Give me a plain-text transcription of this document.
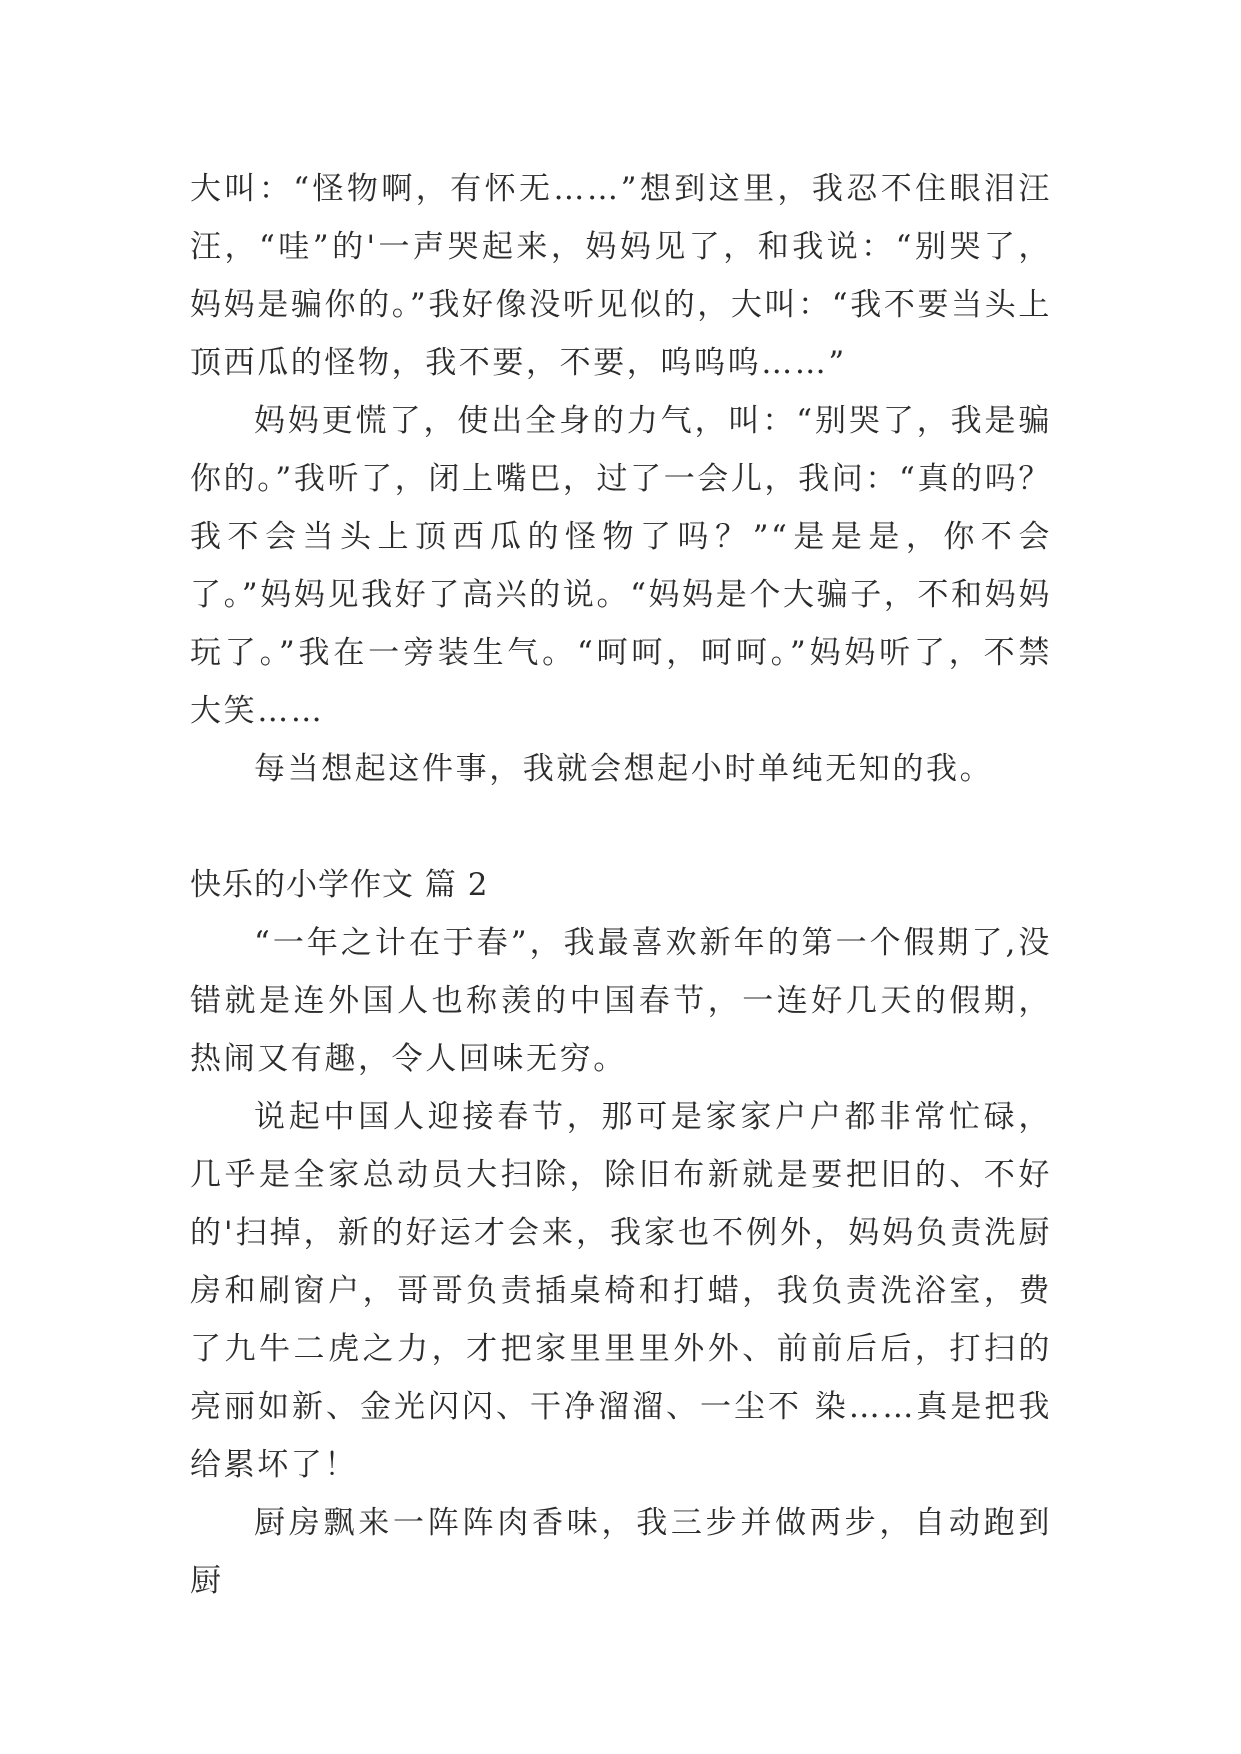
大叫：“怪物啊，有怀无……”想到这里，我忍不住眼泪汪汪，“哇”的'一声哭起来，妈妈见了，和我说：“别哭了，妈妈是骗你的。”我好像没听见似的，大叫：“我不要当头上顶西瓜的怪物，我不要，不要，呜呜呜……”

妈妈更慌了，使出全身的力气，叫：“别哭了，我是骗你的。”我听了，闭上嘴巴，过了一会儿，我问：“真的吗？我不会当头上顶西瓜的怪物了吗？”“是是是，你不会了。”妈妈见我好了高兴的说。“妈妈是个大骗子，不和妈妈玩了。”我在一旁装生气。“呵呵，呵呵。”妈妈听了，不禁大笑……

每当想起这件事，我就会想起小时单纯无知的我。

快乐的小学作文 篇 2

“一年之计在于春”，我最喜欢新年的第一个假期了,没错就是连外国人也称羡的中国春节，一连好几天的假期，热闹又有趣，令人回味无穷。

说起中国人迎接春节，那可是家家户户都非常忙碌，几乎是全家总动员大扫除，除旧布新就是要把旧的、不好的'扫掉，新的好运才会来，我家也不例外，妈妈负责洗厨 房和刷窗户，哥哥负责插桌椅和打蜡，我负责洗浴室，费了九牛二虎之力，才把家里里里外外、前前后后，打扫的亮丽如新、金光闪闪、干净溜溜、一尘不 染……真是把我给累坏了！

厨房飘来一阵阵肉香味，我三步并做两步，自动跑到厨
